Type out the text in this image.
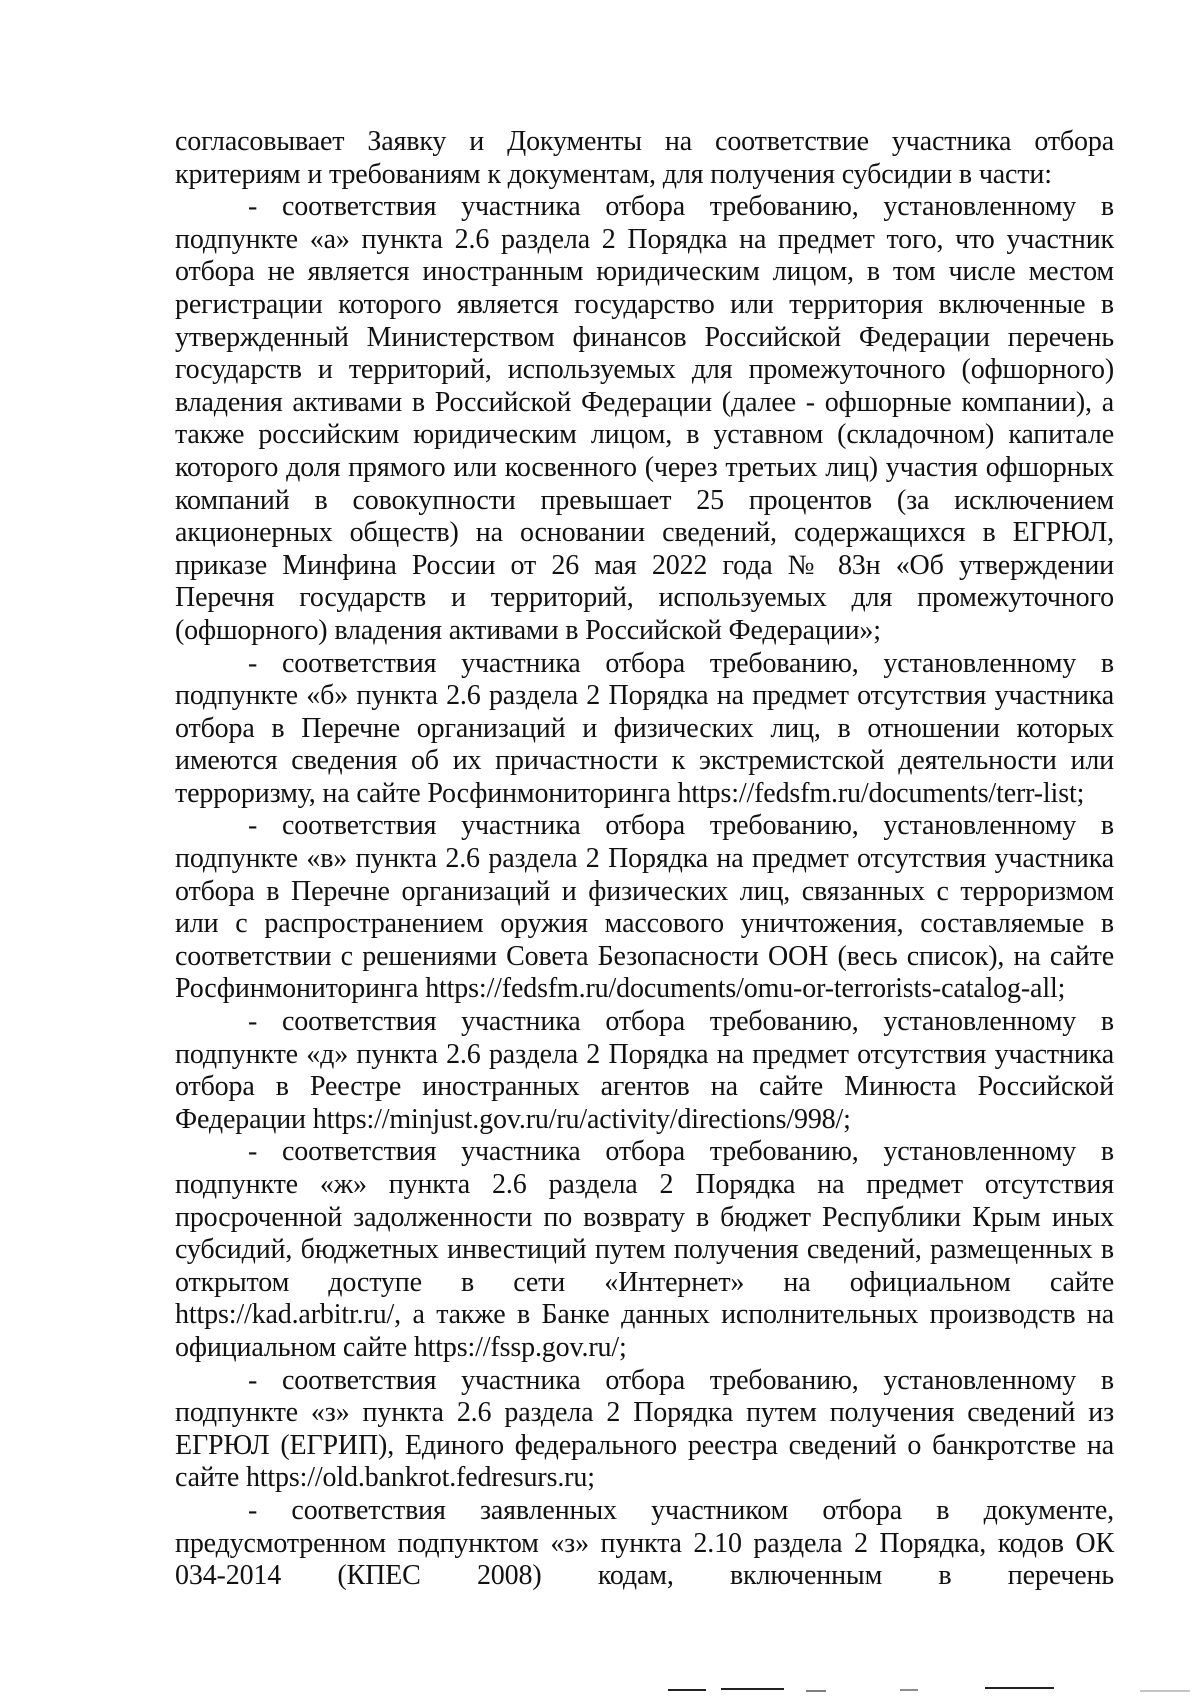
согласовывает Заявку и Документы на соответствие участника отбора критериям и требованиям к документам, для получения субсидии в части:

- соответствия участника отбора требованию, установленному в подпункте «а» пункта 2.6 раздела 2 Порядка на предмет того, что участник отбора не является иностранным юридическим лицом, в том числе местом регистрации которого является государство или территория включенные в утвержденный Министерством финансов Российской Федерации перечень государств и территорий, используемых для промежуточного (офшорного) владения активами в Российской Федерации (далее - офшорные компании), а также российским юридическим лицом, в уставном (складочном) капитале которого доля прямого или косвенного (через третьих лиц) участия офшорных компаний в совокупности превышает 25 процентов (за исключением акционерных обществ) на основании сведений, содержащихся в ЕГРЮЛ, приказе Минфина России от 26 мая 2022 года № 83н «Об утверждении Перечня государств и территорий, используемых для промежуточного (офшорного) владения активами в Российской Федерации»;

- соответствия участника отбора требованию, установленному в подпункте «б» пункта 2.6 раздела 2 Порядка на предмет отсутствия участника отбора в Перечне организаций и физических лиц, в отношении которых имеются сведения об их причастности к экстремистской деятельности или терроризму, на сайте Росфинмониторинга https://fedsfm.ru/documents/terr-list;

- соответствия участника отбора требованию, установленному в подпункте «в» пункта 2.6 раздела 2 Порядка на предмет отсутствия участника отбора в Перечне организаций и физических лиц, связанных с терроризмом или с распространением оружия массового уничтожения, составляемые в соответствии с решениями Совета Безопасности ООН (весь список), на сайте Росфинмониторинга https://fedsfm.ru/documents/omu-or-terrorists-catalog-all;

- соответствия участника отбора требованию, установленному в подпункте «д» пункта 2.6 раздела 2 Порядка на предмет отсутствия участника отбора в Реестре иностранных агентов на сайте Минюста Российской Федерации https://minjust.gov.ru/ru/activity/directions/998/;

- соответствия участника отбора требованию, установленному в подпункте «ж» пункта 2.6 раздела 2 Порядка на предмет отсутствия просроченной задолженности по возврату в бюджет Республики Крым иных субсидий, бюджетных инвестиций путем получения сведений, размещенных в открытом доступе в сети «Интернет» на официальном сайте https://kad.arbitr.ru/, а также в Банке данных исполнительных производств на официальном сайте https://fssp.gov.ru/;

- соответствия участника отбора требованию, установленному в подпункте «з» пункта 2.6 раздела 2 Порядка путем получения сведений из ЕГРЮЛ (ЕГРИП), Единого федерального реестра сведений о банкротстве на сайте https://old.bankrot.fedresurs.ru;

- соответствия заявленных участником отбора в документе, предусмотренном подпунктом «з» пункта 2.10 раздела 2 Порядка, кодов ОК 034-2014 (КПЕС 2008) кодам, включенным в перечень
